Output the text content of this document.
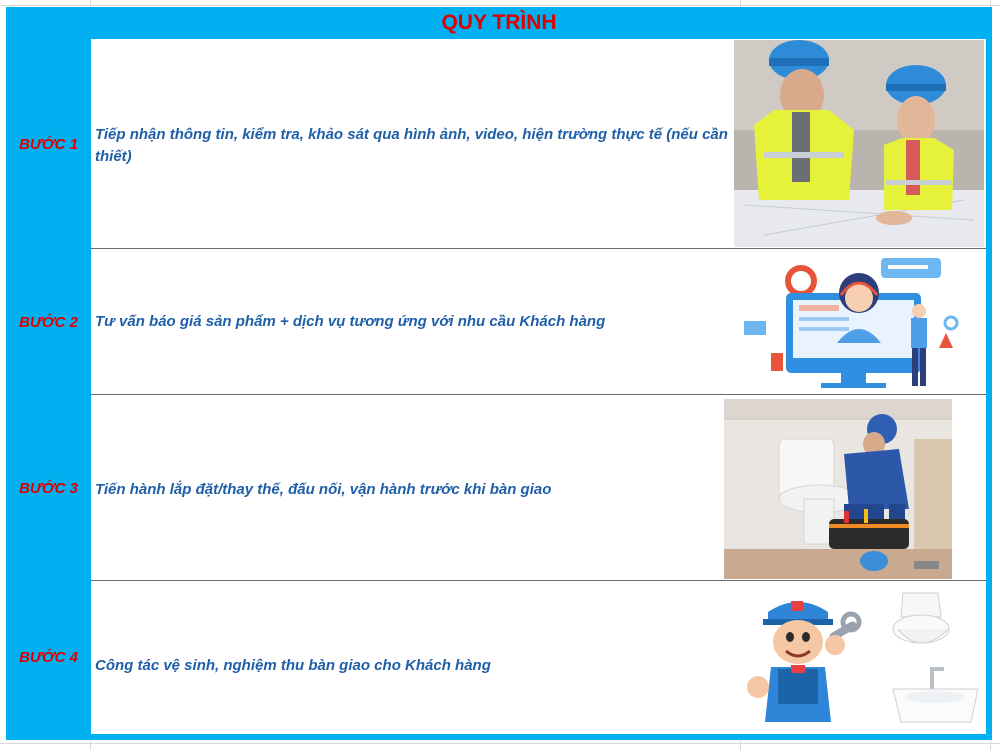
QUY TRÌNH
BƯỚC 1
BƯỚC 2
BƯỚC 3
BƯỚC 4
Tiếp nhận thông tin, kiểm tra, khảo sát qua hình ảnh, video, hiện trường thực tế (nếu cần thiết)
Tư vấn báo giá sản phẩm + dịch vụ tương ứng với nhu cầu Khách hàng
Tiến hành lắp đặt/thay thế, đấu nối, vận hành trước khi bàn giao
Công tác vệ sinh, nghiệm thu bàn giao cho Khách hàng
